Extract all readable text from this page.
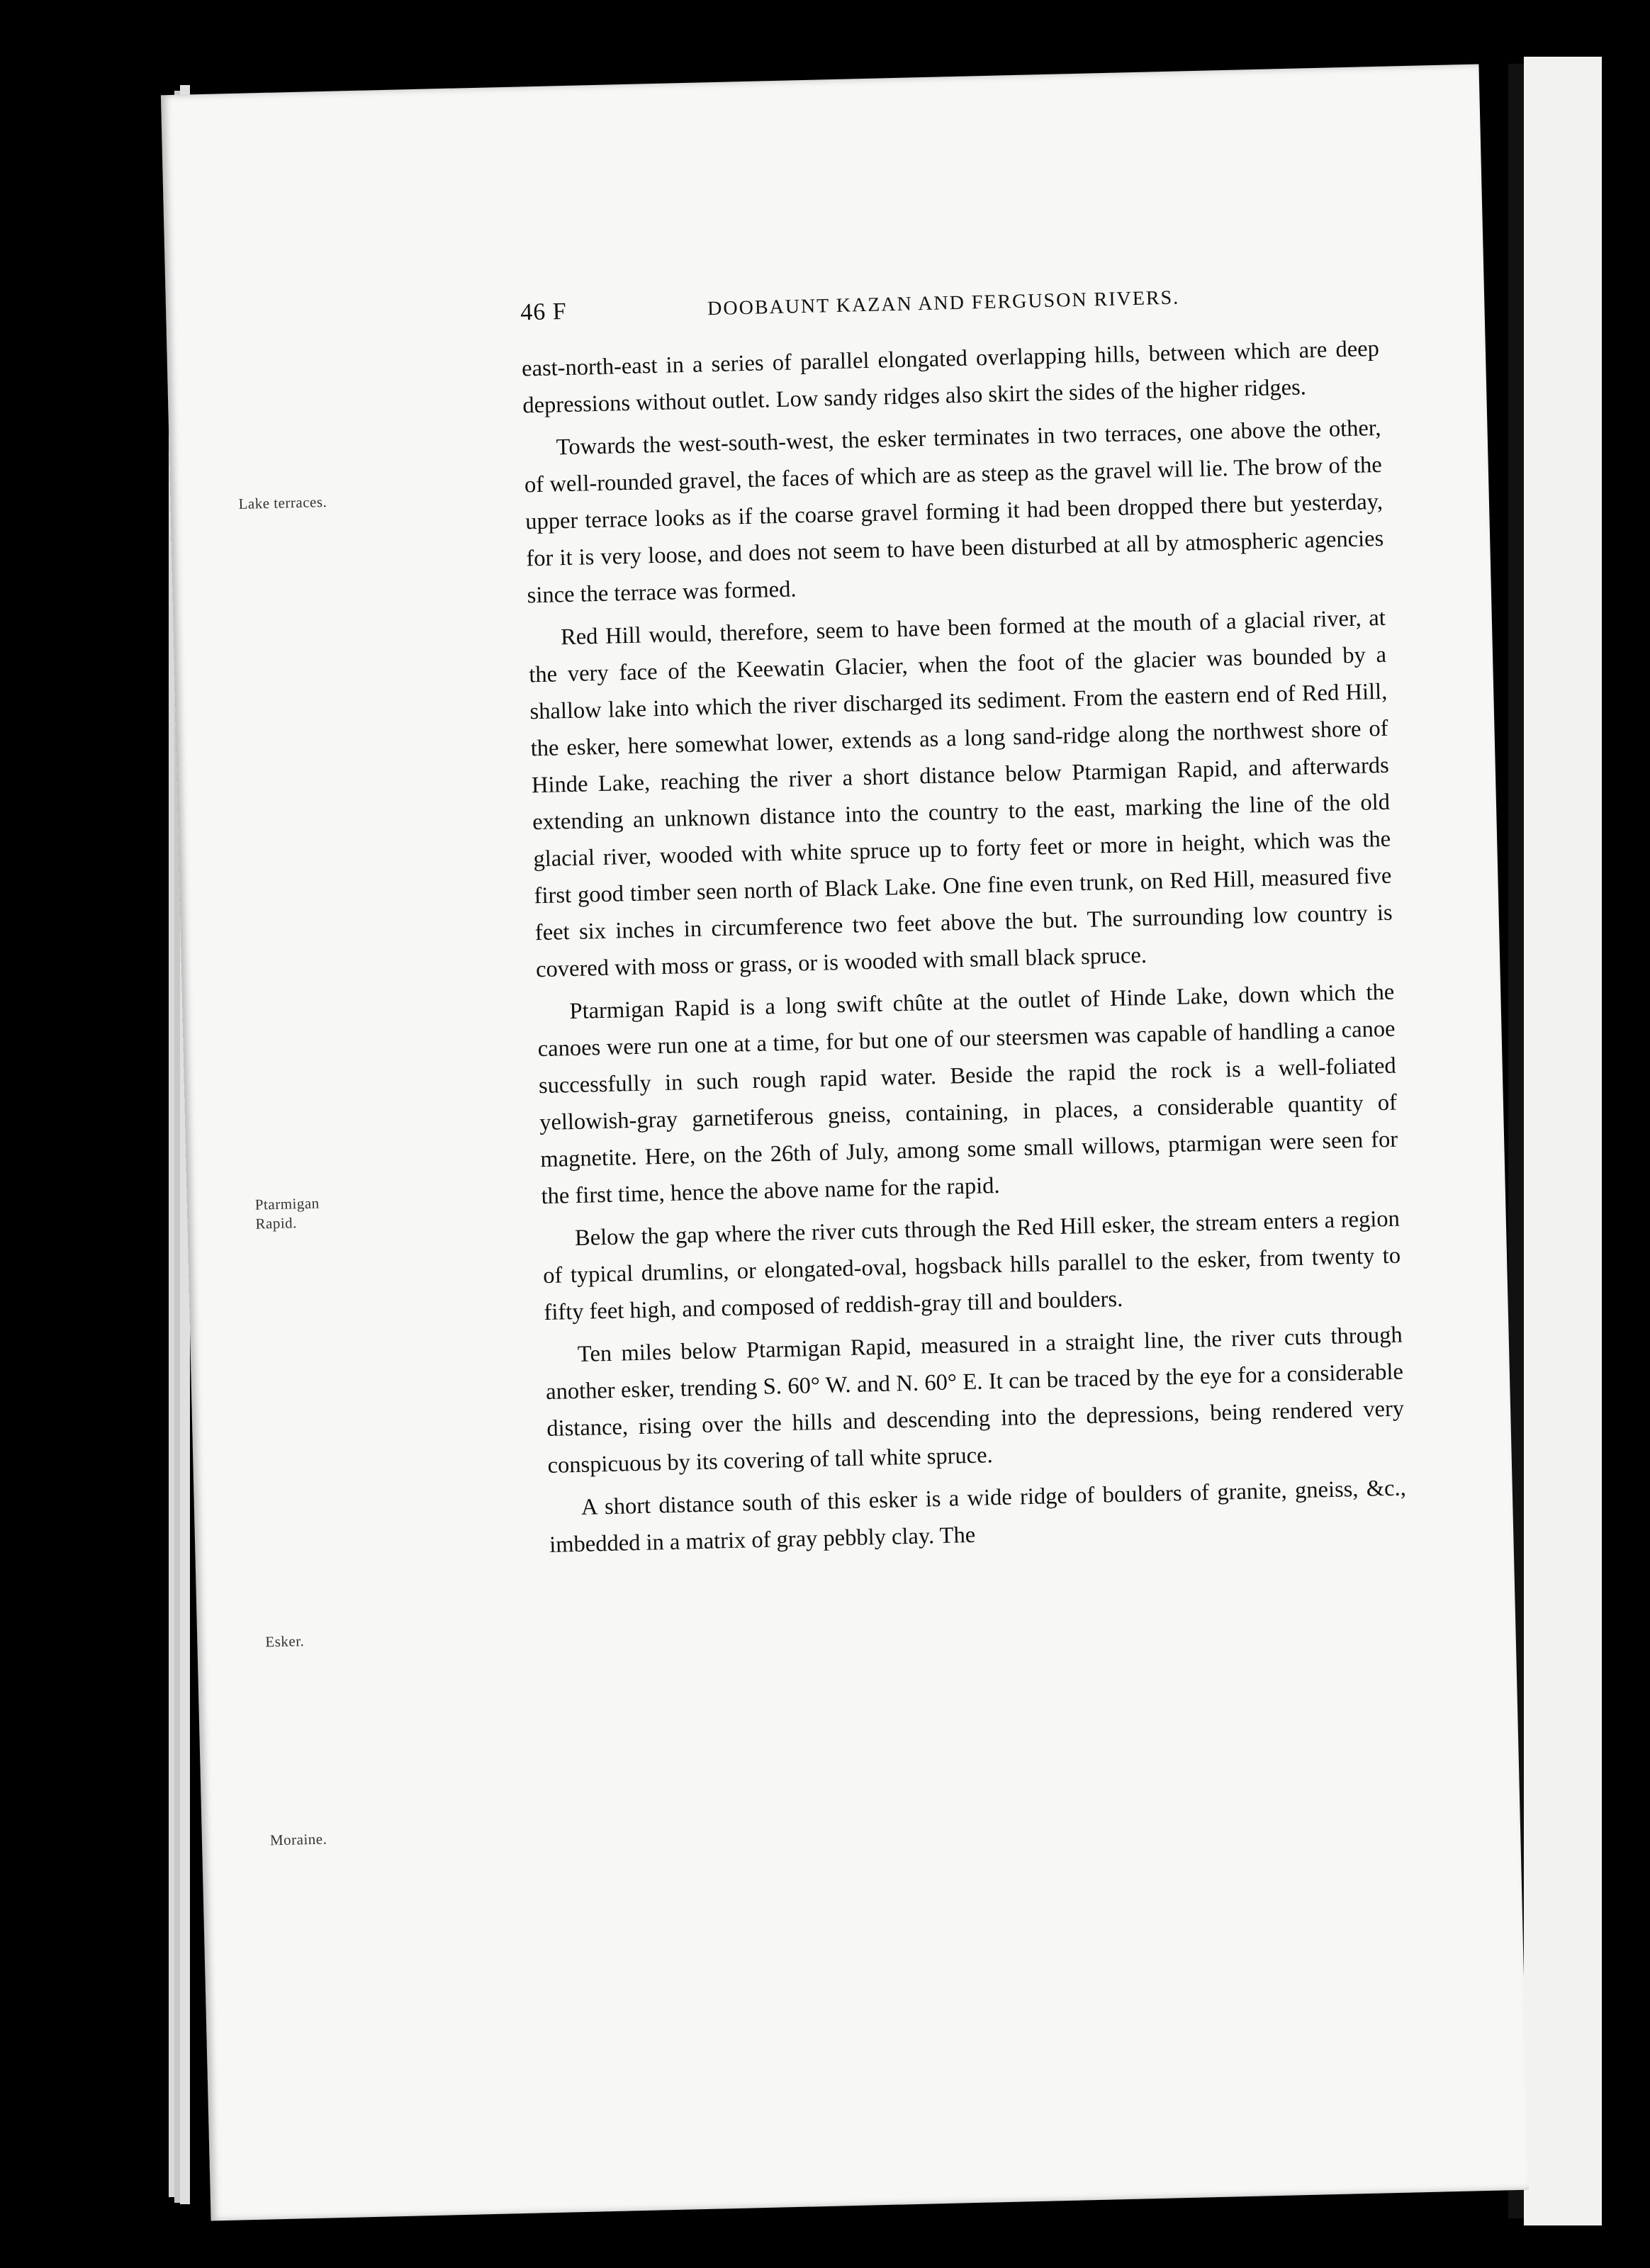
46 F	DOOBAUNT KAZAN AND FERGUSON RIVERS.

east-north-east in a series of parallel elongated overlapping hills, between which are deep depressions without outlet. Low sandy ridges also skirt the sides of the higher ridges.

Towards the west-south-west, the esker terminates in two terraces, one above the other, of well-rounded gravel, the faces of which are as steep as the gravel will lie. The brow of the upper terrace looks as if the coarse gravel forming it had been dropped there but yesterday, for it is very loose, and does not seem to have been disturbed at all by atmospheric agencies since the terrace was formed.

Red Hill would, therefore, seem to have been formed at the mouth of a glacial river, at the very face of the Keewatin Glacier, when the foot of the glacier was bounded by a shallow lake into which the river discharged its sediment. From the eastern end of Red Hill, the esker, here somewhat lower, extends as a long sand-ridge along the northwest shore of Hinde Lake, reaching the river a short distance below Ptarmigan Rapid, and afterwards extending an unknown distance into the country to the east, marking the line of the old glacial river, wooded with white spruce up to forty feet or more in height, which was the first good timber seen north of Black Lake. One fine even trunk, on Red Hill, measured five feet six inches in circumference two feet above the but. The surrounding low country is covered with moss or grass, or is wooded with small black spruce.

Ptarmigan Rapid is a long swift chûte at the outlet of Hinde Lake, down which the canoes were run one at a time, for but one of our steersmen was capable of handling a canoe successfully in such rough rapid water. Beside the rapid the rock is a well-foliated yellowish-gray garnetiferous gneiss, containing, in places, a considerable quantity of magnetite. Here, on the 26th of July, among some small willows, ptarmigan were seen for the first time, hence the above name for the rapid.

Below the gap where the river cuts through the Red Hill esker, the stream enters a region of typical drumlins, or elongated-oval, hogsback hills parallel to the esker, from twenty to fifty feet high, and composed of reddish-gray till and boulders.

Ten miles below Ptarmigan Rapid, measured in a straight line, the river cuts through another esker, trending S. 60° W. and N. 60° E. It can be traced by the eye for a considerable distance, rising over the hills and descending into the depressions, being rendered very conspicuous by its covering of tall white spruce.

A short distance south of this esker is a wide ridge of boulders of granite, gneiss, &c., imbedded in a matrix of gray pebbly clay. The

Lake terraces.
Ptarmigan Rapid.
Esker.
Moraine.
